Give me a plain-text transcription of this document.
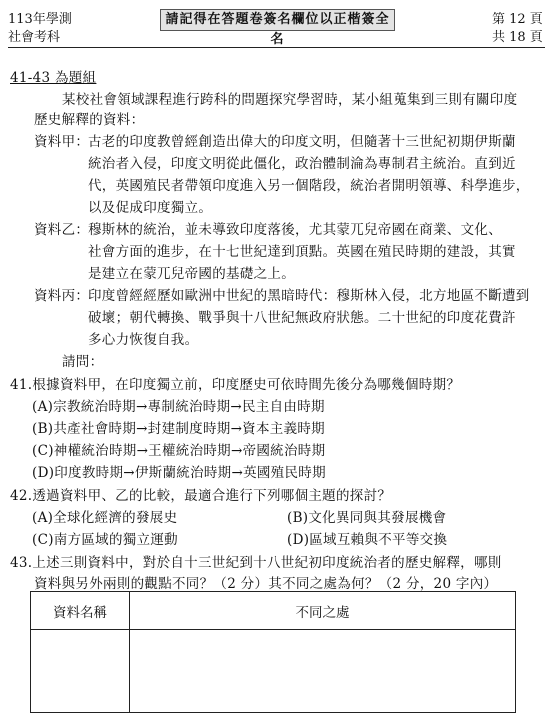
113年學測
社會考科
請記得在答題卷簽名欄位以正楷簽全名
第 12 頁
共 18 頁
41-43 為題組
某校社會領域課程進行跨科的問題探究學習時，某小組蒐集到三則有關印度
歷史解釋的資料：
資料甲：
古老的印度教曾經創造出偉大的印度文明，但隨著十三世紀初期伊斯蘭
統治者入侵，印度文明從此僵化，政治體制淪為專制君主統治。直到近
代，英國殖民者帶領印度進入另一個階段，統治者開明領導、科學進步，
以及促成印度獨立。
資料乙：
穆斯林的統治，並未導致印度落後，尤其蒙兀兒帝國在商業、文化、
社會方面的進步，在十七世紀達到頂點。英國在殖民時期的建設，其實
是建立在蒙兀兒帝國的基礎之上。
資料丙：
印度曾經經歷如歐洲中世紀的黑暗時代：穆斯林入侵，北方地區不斷遭到
破壞；朝代轉換、戰爭與十八世紀無政府狀態。二十世紀的印度花費許
多心力恢復自我。
請問：
41.根據資料甲，在印度獨立前，印度歷史可依時間先後分為哪幾個時期？
(A)宗教統治時期→專制統治時期→民主自由時期
(B)共產社會時期→封建制度時期→資本主義時期
(C)神權統治時期→王權統治時期→帝國統治時期
(D)印度教時期→伊斯蘭統治時期→英國殖民時期
42.透過資料甲、乙的比較，最適合進行下列哪個主題的探討？
(A)全球化經濟的發展史	(B)文化異同與其發展機會
(C)南方區域的獨立運動	(D)區域互賴與不平等交換
43.上述三則資料中，對於自十三世紀到十八世紀初印度統治者的歷史解釋，哪則
資料與另外兩則的觀點不同？（2 分）其不同之處為何？（2 分，20 字內）
資料名稱	不同之處
